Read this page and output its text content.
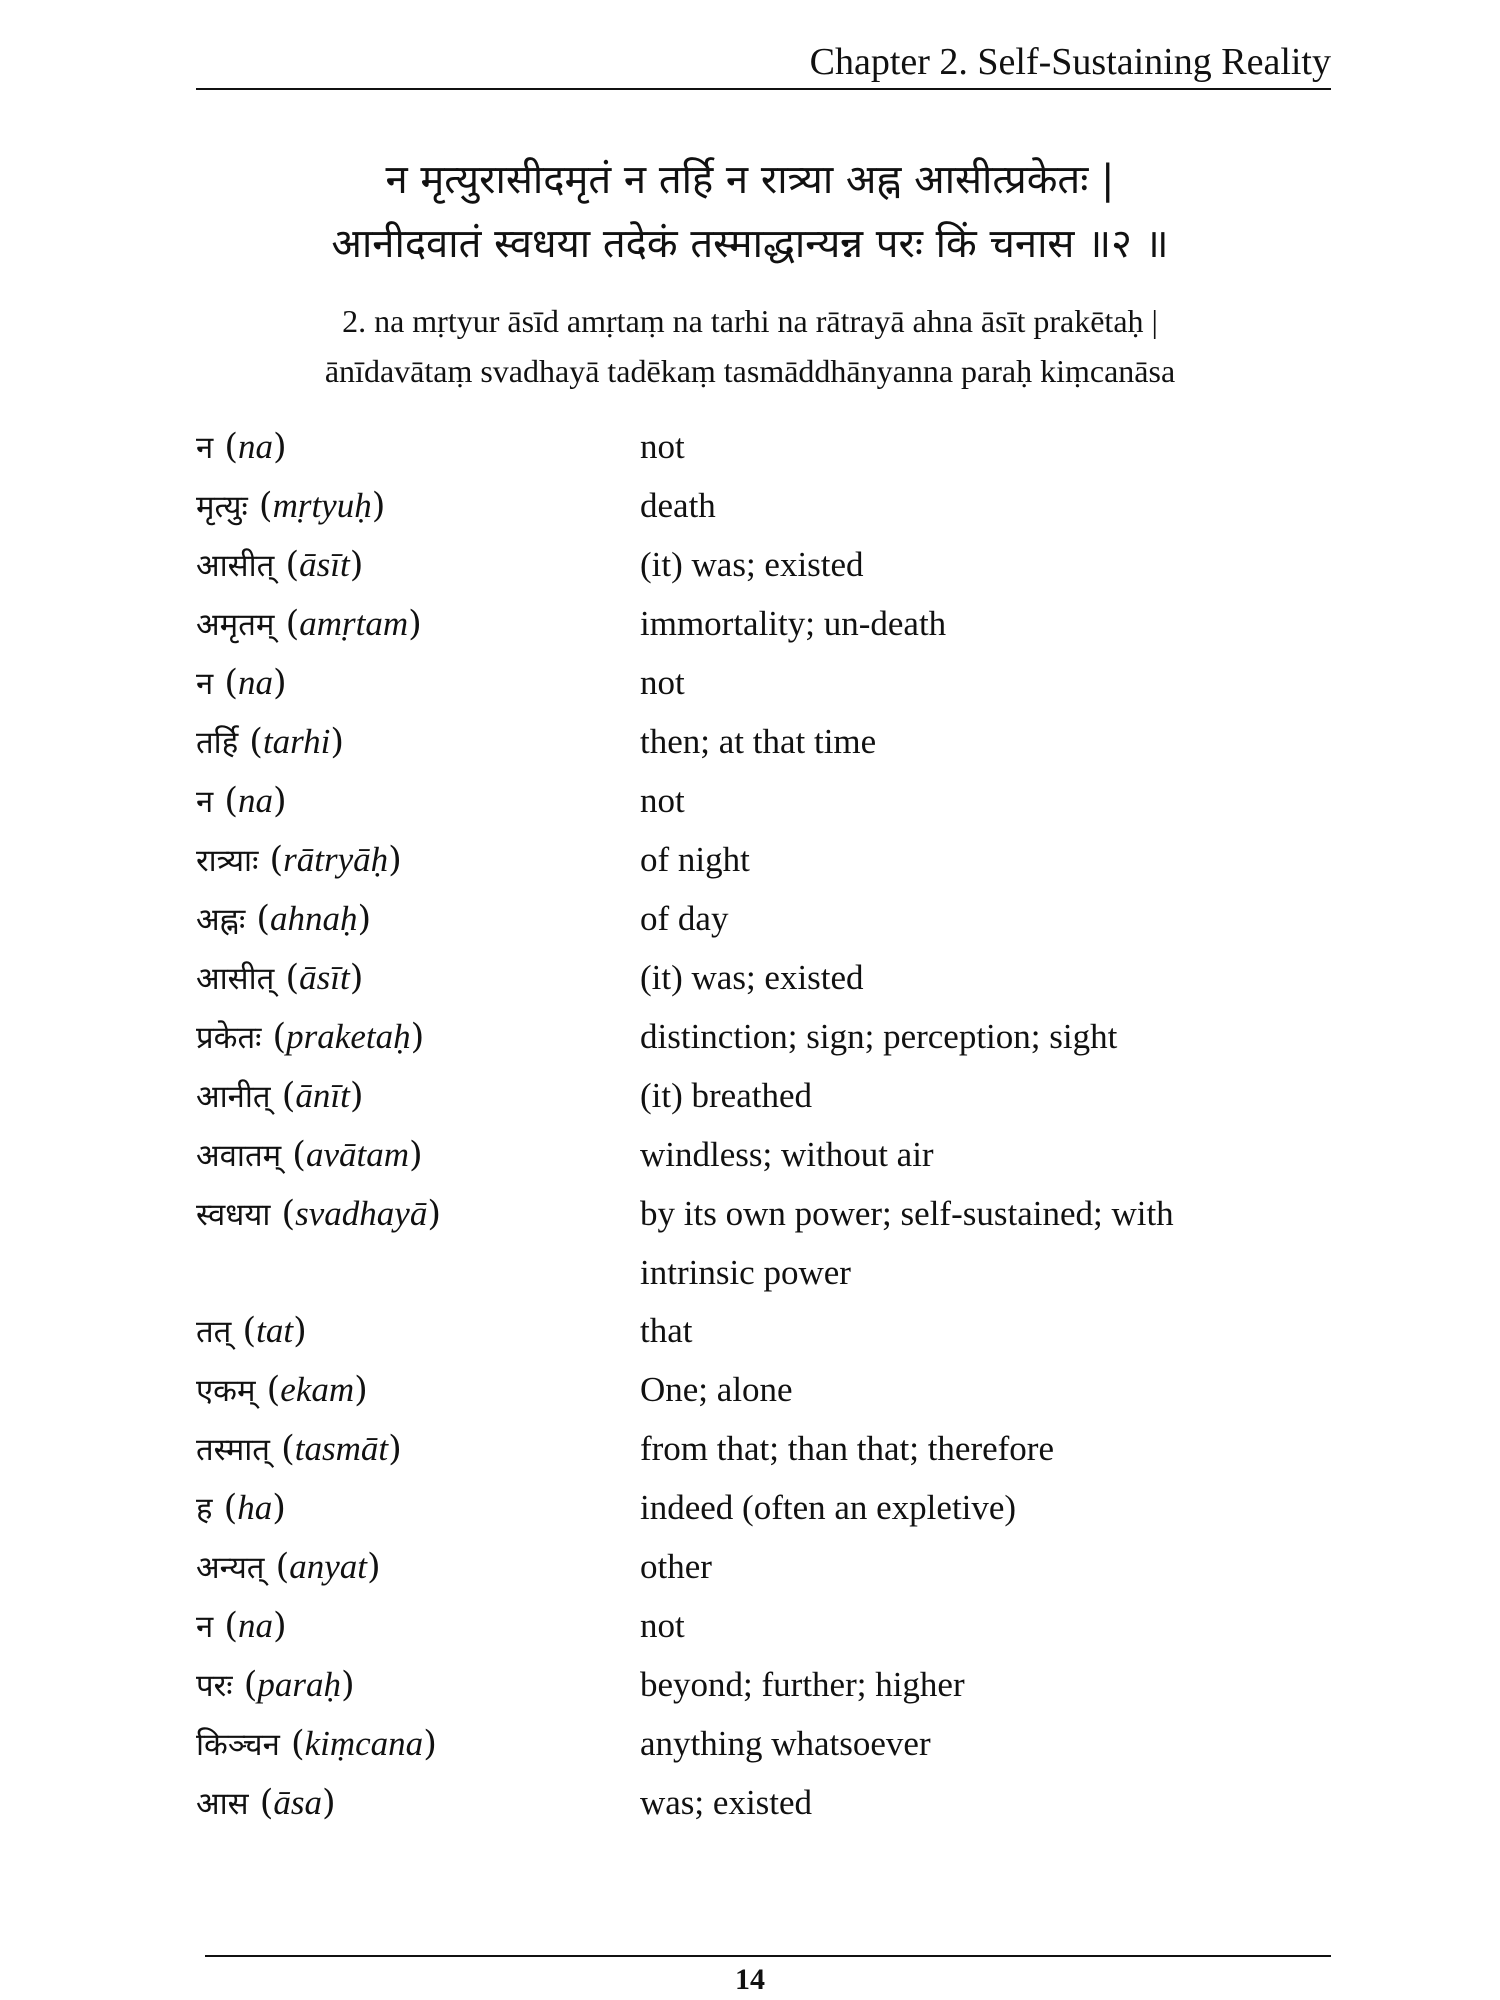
Chapter 2. Self-Sustaining Reality
न मृत्युरासीदमृतं न तर्हि न रात्र्या अह्न आसीत्प्रकेतः |
आनीदवातं स्वधया तदेकं तस्माद्धान्यन्न परः किं चनास ॥२ ॥
2. na mṛtyur āsīd amṛtaṃ na tarhi na rātrayā ahna āsīt prakētaḥ |
ānīdavātaṃ svadhayā tadēkaṃ tasmāddhānyanna paraḥ kiṃcanāsa
न (na)	not
मृत्युः (mṛtyuḥ)	death
आसीत् (āsīt)	(it) was; existed
अमृतम् (amṛtam)	immortality; un-death
न (na)	not
तर्हि (tarhi)	then; at that time
न (na)	not
रात्र्याः (rātryāḥ)	of night
अह्नः (ahnaḥ)	of day
आसीत् (āsīt)	(it) was; existed
प्रकेतः (praketaḥ)	distinction; sign; perception; sight
आनीत् (ānīt)	(it) breathed
अवातम् (avātam)	windless; without air
स्वधया (svadhayā)	by its own power; self-sustained; with
intrinsic power
तत् (tat)	that
एकम् (ekam)	One; alone
तस्मात् (tasmāt)	from that; than that; therefore
ह (ha)	indeed (often an expletive)
अन्यत् (anyat)	other
न (na)	not
परः (paraḥ)	beyond; further; higher
किञ्चन (kiṃcana)	anything whatsoever
आस (āsa)	was; existed
14
